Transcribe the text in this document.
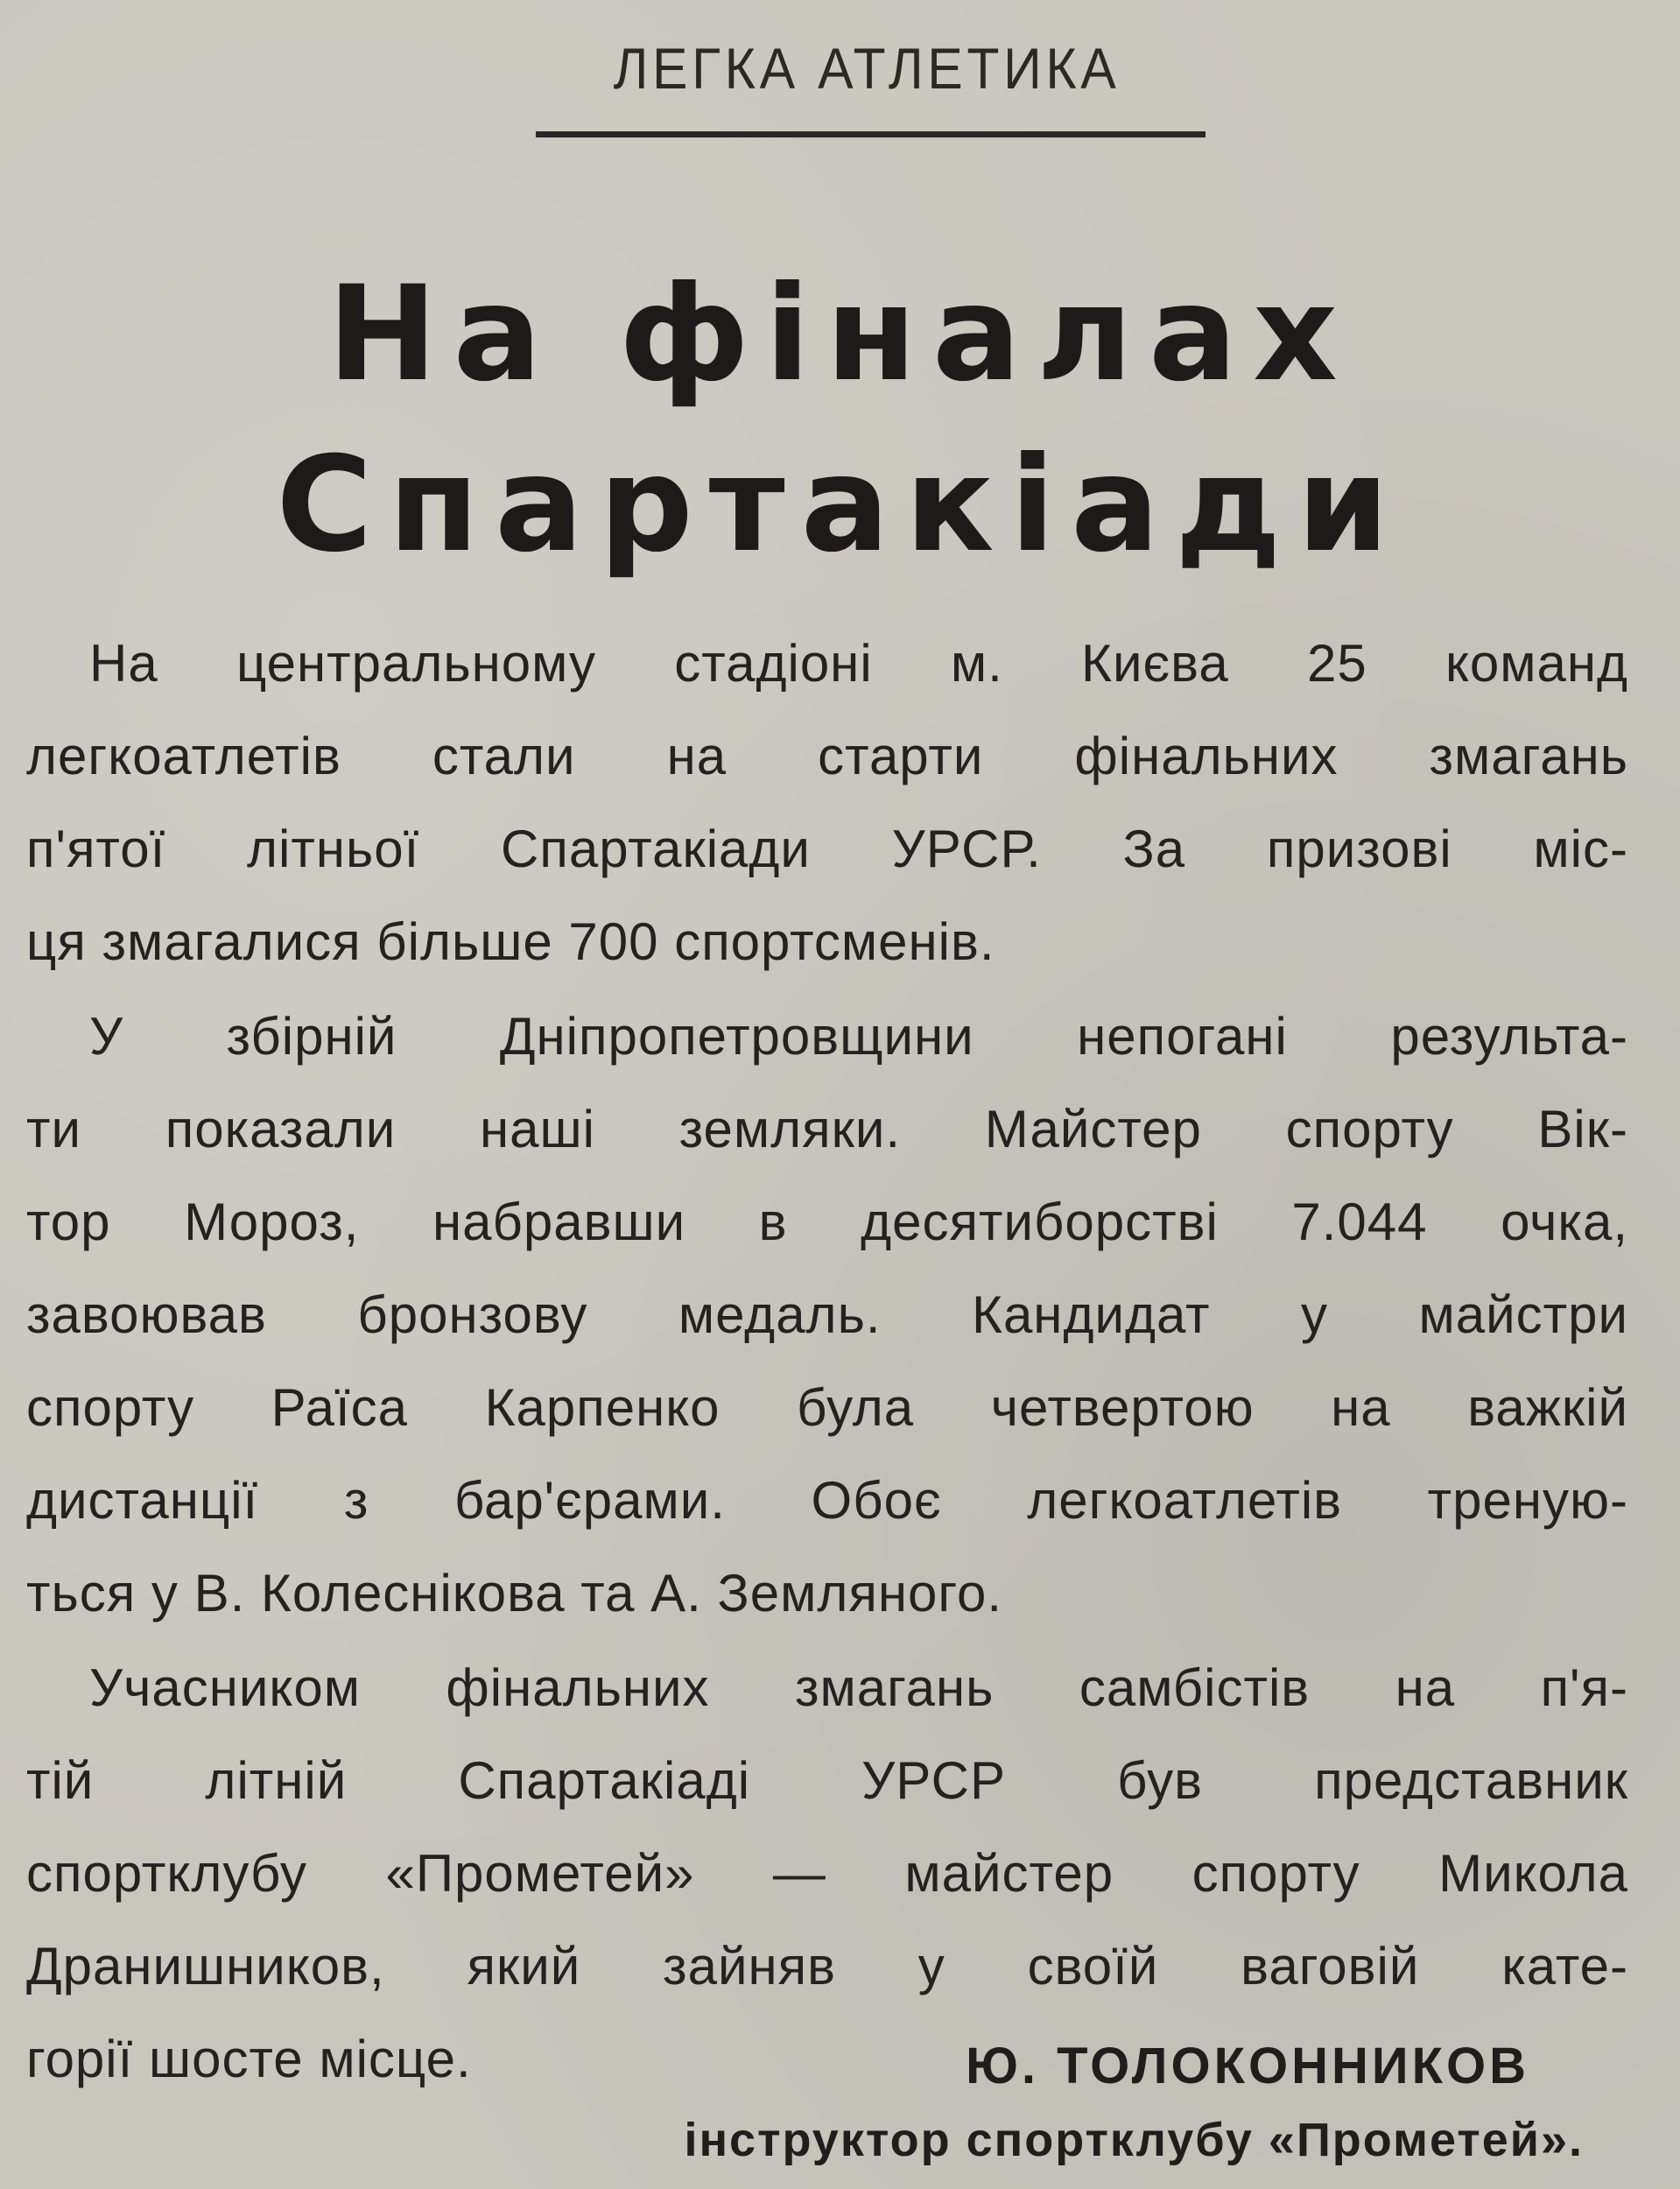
ЛЕГКА АТЛЕТИКА
На фіналах
Спартакіади
На центральному стадіоні м. Києва 25 команд
легкоатлетів стали на старти фінальних змагань
п'ятої літньої Спартакіади УРСР. За призові міс-
ця змагалися більше 700 спортсменів.
У збірній Дніпропетровщини непогані результа-
ти показали наші земляки. Майстер спорту Вік-
тор Мороз, набравши в десятиборстві 7.044 очка,
завоював бронзову медаль. Кандидат у майстри
спорту Раїса Карпенко була четвертою на важкій
дистанції з бар'єрами. Обоє легкоатлетів треную-
ться у В. Колеснікова та А. Земляного.
Учасником фінальних змагань самбістів на п'я-
тій літній Спартакіаді УРСР був представник
спортклубу «Прометей» — майстер спорту Микола
Дранишников, який зайняв у своїй ваговій кате-
горії шосте місце.	Ю. ТОЛОКОННИКОВ
інструктор спортклубу «Прометей».
